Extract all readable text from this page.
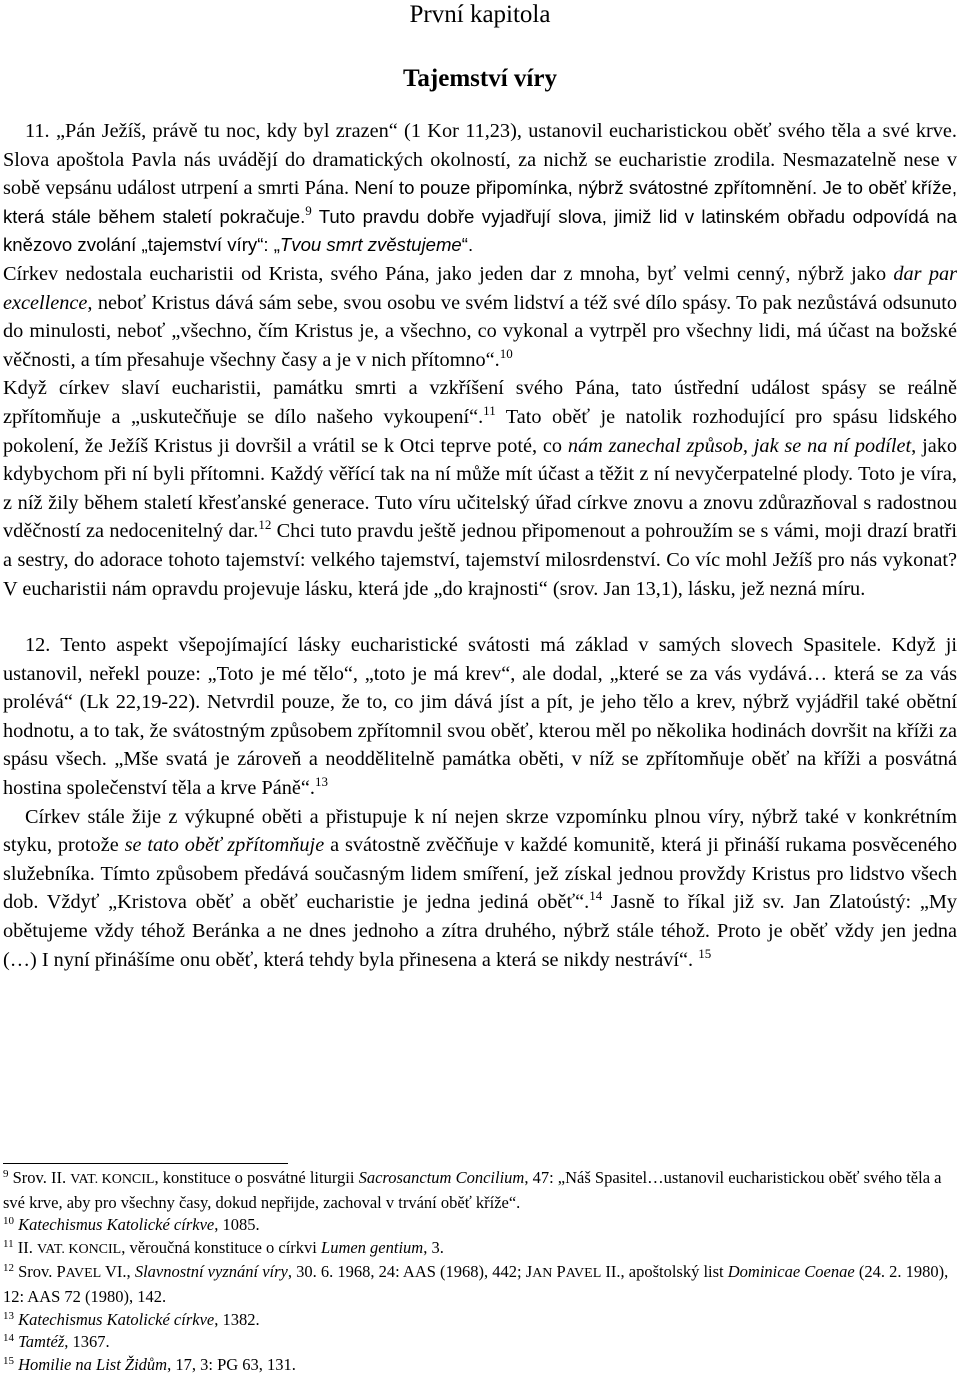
První kapitola
Tajemství víry

11. „Pán Ježíš, právě tu noc, kdy byl zrazen“ (1 Kor 11,23), ustanovil eucharistickou oběť svého těla a své krve. Slova apoštola Pavla nás uvádějí do dramatických okolností, za nichž se eucharistie zrodila. Nesmazatelně nese v sobě vepsánu událost utrpení a smrti Pána. Není to pouze připomínka, nýbrž svátostné zpřítomnění. Je to oběť kříže, která stále během staletí pokračuje.$^9$ Tuto pravdu dobře vyjadřují slova, jimiž lid v latinském obřadu odpovídá na knězovo zvolání „tajemství víry“: „Tvou smrt zvěstujeme“.

Církev nedostala eucharistii od Krista, svého Pána, jako jeden dar z mnoha, byť velmi cenný, nýbrž jako dar par excellence, neboť Kristus dává sám sebe, svou osobu ve svém lidství a též své dílo spásy. To pak nezůstává odsunuto do minulosti, neboť „všechno, čím Kristus je, a všechno, co vykonal a vytrpěl pro všechny lidi, má účast na božské věčnosti, a tím přesahuje všechny časy a je v nich přítomno“.$^{10}$

Když církev slaví eucharistii, památku smrti a vzkříšení svého Pána, tato ústřední událost spásy se reálně zpřítomňuje a „uskutečňuje se dílo našeho vykoupení“.$^{11}$ Tato oběť je natolik rozhodující pro spásu lidského pokolení, že Ježíš Kristus ji dovršil a vrátil se k Otci teprve poté, co nám zanechal způsob, jak se na ní podílet, jako kdybychom při ní byli přítomni. Každý věřící tak na ní může mít účast a těžit z ní nevyčerpatelné plody. Toto je víra, z níž žily během staletí křesťanské generace. Tuto víru učitelský úřad církve znovu a znovu zdůrazňoval s radostnou vděčností za nedocenitelný dar.$^{12}$ Chci tuto pravdu ještě jednou připomenout a pohroužím se s vámi, moji drazí bratři a sestry, do adorace tohoto tajemství: velkého tajemství, tajemství milosrdenství. Co víc mohl Ježíš pro nás vykonat? V eucharistii nám opravdu projevuje lásku, která jde „do krajnosti“ (srov. Jan 13,1), lásku, jež nezná míru.

12. Tento aspekt všepojímající lásky eucharistické svátosti má základ v samých slovech Spasitele. Když ji ustanovil, neřekl pouze: „Toto je mé tělo“, „toto je má krev“, ale dodal, „které se za vás vydává… která se za vás prolévá“ (Lk 22,19-22). Netvrdil pouze, že to, co jim dává jíst a pít, je jeho tělo a krev, nýbrž vyjádřil také obětní hodnotu, a to tak, že svátostným způsobem zpřítomnil svou oběť, kterou měl po několika hodinách dovršit na kříži za spásu všech. „Mše svatá je zároveň a neoddělitelně památka oběti, v níž se zpřítomňuje oběť na kříži a posvátná hostina společenství těla a krve Páně“.$^{13}$

Církev stále žije z výkupné oběti a přistupuje k ní nejen skrze vzpomínku plnou víry, nýbrž také v konkrétním styku, protože se tato oběť zpřítomňuje a svátostně zvěčňuje v každé komunitě, která ji přináší rukama posvěceného služebníka. Tímto způsobem předává současným lidem smíření, jež získal jednou provždy Kristus pro lidstvo všech dob. Vždyť „Kristova oběť a oběť eucharistie je jedna jediná oběť“.$^{14}$ Jasně to říkal již sv. Jan Zlatoústý: „My obětujeme vždy téhož Beránka a ne dnes jednoho a zítra druhého, nýbrž stále téhož. Proto je oběť vždy jen jedna (…) I nyní přinášíme onu oběť, která tehdy byla přinesena a která se nikdy nestráví“. $^{15}$

$^9$ Srov. II. VAT. KONCIL, konstituce o posvátné liturgii Sacrosanctum Concilium, 47: „Náš Spasitel…ustanovil eucharistickou oběť svého těla a své krve, aby pro všechny časy, dokud nepřijde, zachoval v trvání oběť kříže“.

$^{10}$ Katechismus Katolické církve, 1085.

$^{11}$ II. VAT. KONCIL, věroučná konstituce o církvi Lumen gentium, 3.

$^{12}$ Srov. PAVEL VI., Slavnostní vyznání víry, 30. 6. 1968, 24: AAS (1968), 442; JAN PAVEL II., apoštolský list Dominicae Coenae (24. 2. 1980), 12: AAS 72 (1980), 142.

$^{13}$ Katechismus Katolické církve, 1382.

$^{14}$ Tamtéž, 1367.

$^{15}$ Homilie na List Židům, 17, 3: PG 63, 131.
